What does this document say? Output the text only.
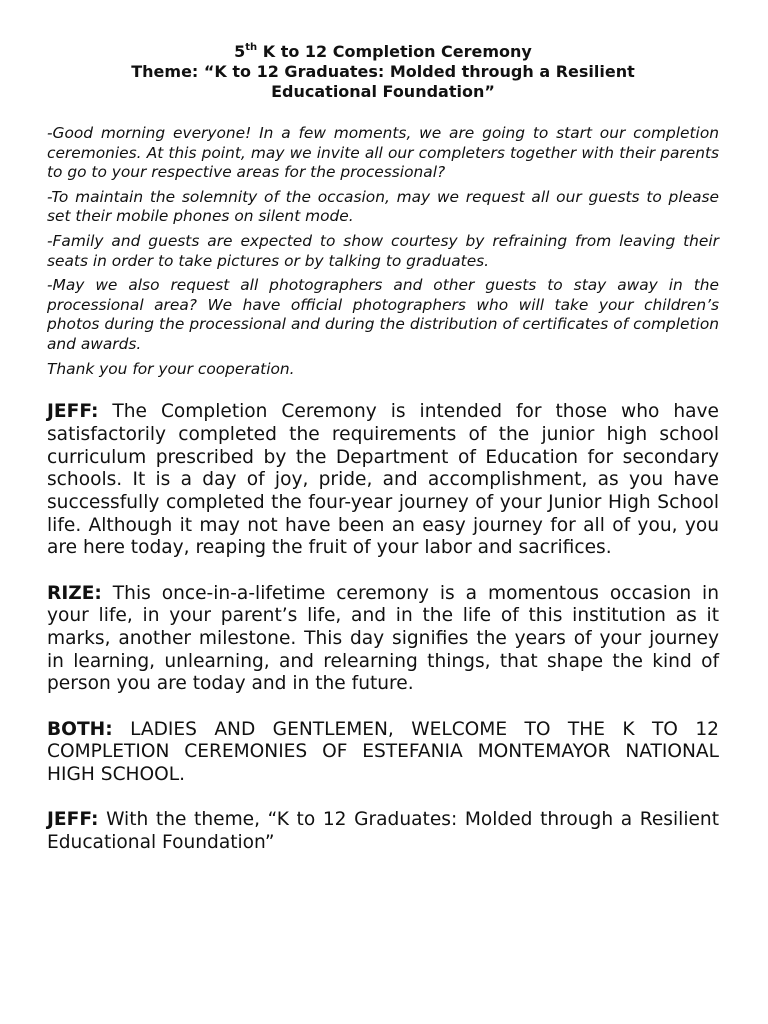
5th K to 12 Completion Ceremony
Theme: “K to 12 Graduates: Molded through a Resilient
Educational Foundation”

-Good morning everyone! In a few moments, we are going to start our completion ceremonies. At this point, may we invite all our completers together with their parents to go to your respective areas for the processional?

-To maintain the solemnity of the occasion, may we request all our guests to please set their mobile phones on silent mode.

-Family and guests are expected to show courtesy by refraining from leaving their seats in order to take pictures or by talking to graduates.

-May we also request all photographers and other guests to stay away in the processional area? We have official photographers who will take your children’s photos during the processional and during the distribution of certificates of completion and awards.

Thank you for your cooperation.

JEFF: The Completion Ceremony is intended for those who have satisfactorily completed the requirements of the junior high school curriculum prescribed by the Department of Education for secondary schools. It is a day of joy, pride, and accomplishment, as you have successfully completed the four-year journey of your Junior High School life. Although it may not have been an easy journey for all of you, you are here today, reaping the fruit of your labor and sacrifices.

RIZE: This once-in-a-lifetime ceremony is a momentous occasion in your life, in your parent’s life, and in the life of this institution as it marks, another milestone. This day signifies the years of your journey in learning, unlearning, and relearning things, that shape the kind of person you are today and in the future.

BOTH: LADIES AND GENTLEMEN, WELCOME TO THE K TO 12 COMPLETION CEREMONIES OF ESTEFANIA MONTEMAYOR NATIONAL HIGH SCHOOL.

JEFF: With the theme, “K to 12 Graduates: Molded through a Resilient Educational Foundation”
